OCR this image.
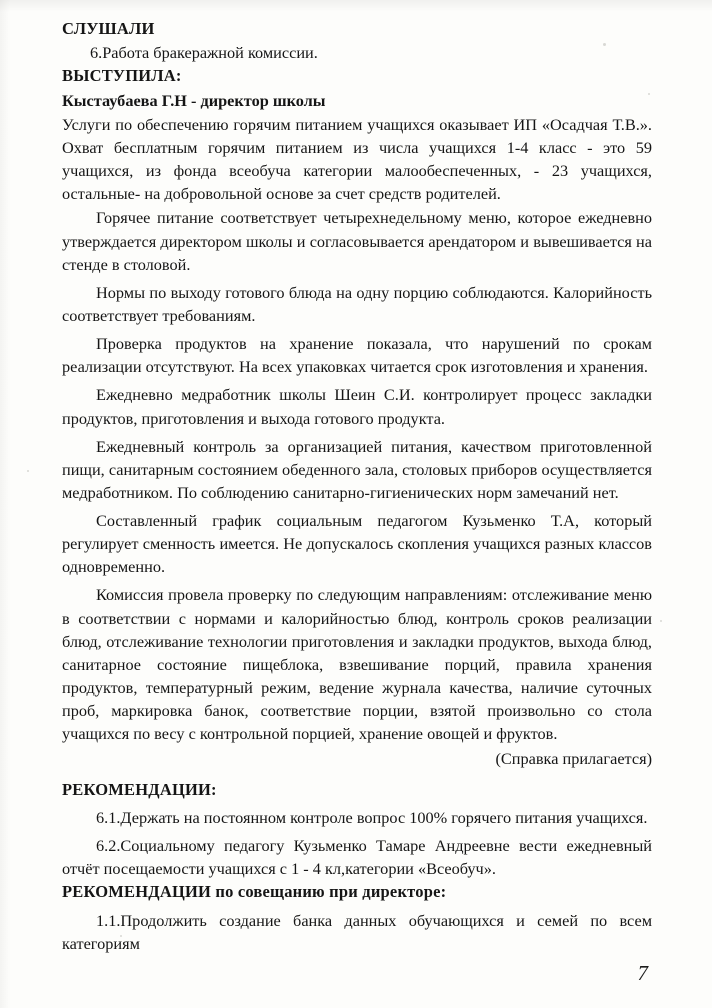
СЛУШАЛИ

6.Работа бракеражной комиссии.

ВЫСТУПИЛА:

Кыстаубаева Г.Н - директор школы

Услуги по обеспечению горячим питанием учащихся оказывает ИП «Осадчая Т.В.». Охват бесплатным горячим питанием из числа учащихся 1-4 класс - это 59 учащихся, из фонда всеобуча категории малообеспеченных, - 23 учащихся, остальные- на добровольной основе за счет средств родителей.

Горячее питание соответствует четырехнедельному меню, которое ежедневно утверждается директором школы и согласовывается арендатором и вывешивается на стенде в столовой.

Нормы по выходу готового блюда на одну порцию соблюдаются. Калорийность соответствует требованиям.

Проверка продуктов на хранение показала, что нарушений по срокам реализации отсутствуют. На всех упаковках читается срок изготовления и хранения.

Ежедневно медработник школы Шеин С.И. контролирует процесс закладки продуктов, приготовления и выхода готового продукта.

Ежедневный контроль за организацией питания, качеством приготовленной пищи, санитарным состоянием обеденного зала, столовых приборов осуществляется медработником. По соблюдению санитарно-гигиенических норм замечаний нет.

Составленный график социальным педагогом Кузьменко Т.А, который регулирует сменность имеется. Не допускалось скопления учащихся разных классов одновременно.

Комиссия провела проверку по следующим направлениям: отслеживание меню в соответствии с нормами и калорийностью блюд, контроль сроков реализации блюд, отслеживание технологии приготовления и закладки продуктов, выхода блюд, санитарное состояние пищеблока, взвешивание порций, правила хранения продуктов, температурный режим, ведение журнала качества, наличие суточных проб, маркировка банок, соответствие порции, взятой произвольно со стола учащихся по весу с контрольной порцией, хранение овощей и фруктов.

(Справка прилагается)

РЕКОМЕНДАЦИИ:

6.1.Держать на постоянном контроле вопрос 100% горячего питания учащихся.

6.2.Социальному педагогу Кузьменко Тамаре Андреевне вести ежедневный отчёт посещаемости учащихся с 1 - 4 кл,категории «Всеобуч».

РЕКОМЕНДАЦИИ по совещанию при директоре:

1.1.Продолжить создание банка данных обучающихся и семей по всем категориям

7
